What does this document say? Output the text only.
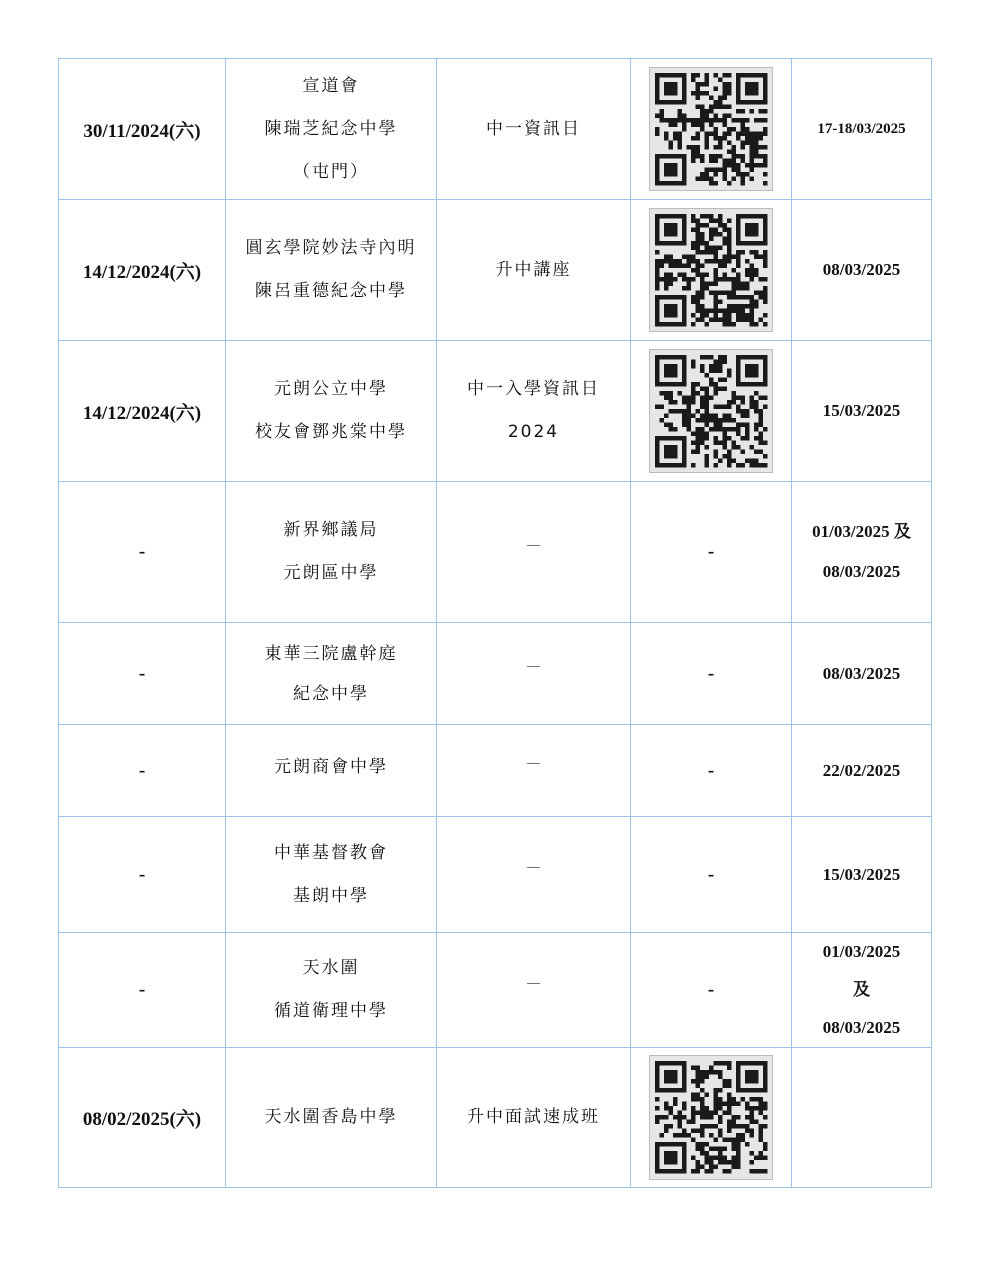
30/11/2024(六)	宣道會
陳瑞芝紀念中學
（屯門）	中一資訊日		17-18/03/2025

14/12/2024(六)	圓玄學院妙法寺內明
陳呂重德紀念中學	升中講座		08/03/2025

14/12/2024(六)	元朗公立中學
校友會鄧兆棠中學	中一入學資訊日
2024		15/03/2025

-	新界鄉議局
元朗區中學	－	-	01/03/2025 及
08/03/2025

-	東華三院盧幹庭
紀念中學	－	-	08/03/2025

-	元朗商會中學	－	-	22/02/2025

-	中華基督教會
基朗中學	－	-	15/03/2025

-	天水圍
循道衛理中學	－	-	01/03/2025
及
08/03/2025

08/02/2025(六)	天水圍香島中學	升中面試速成班
